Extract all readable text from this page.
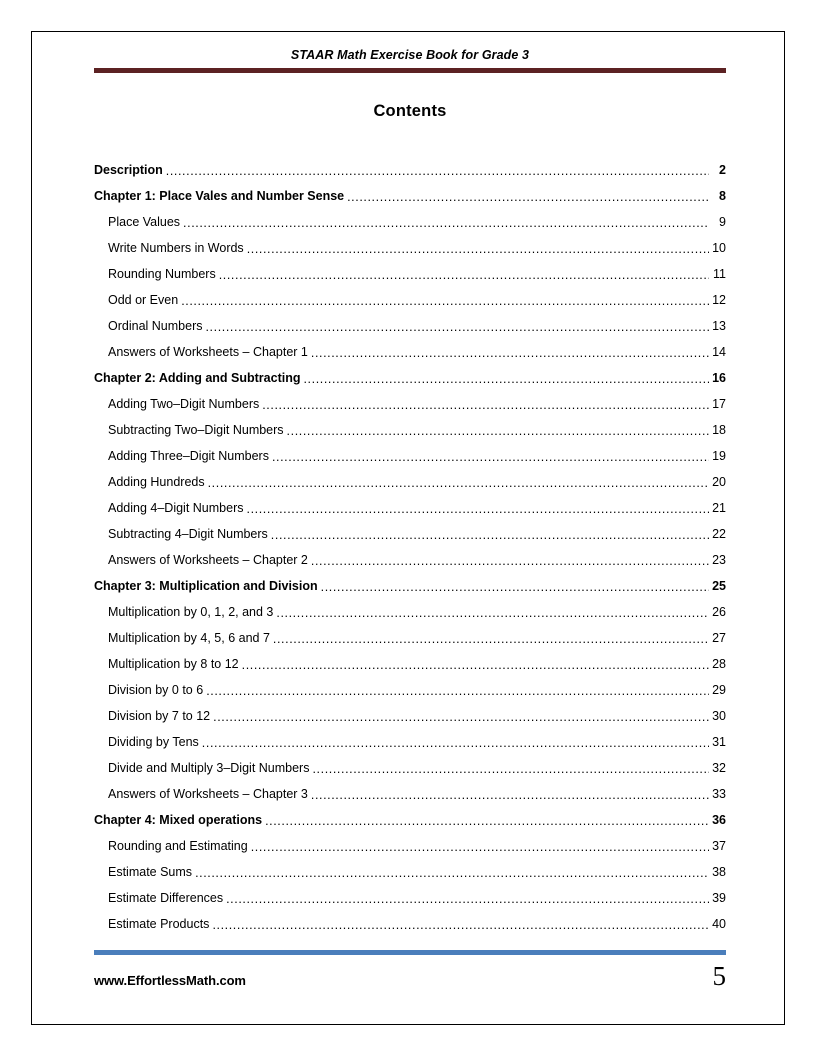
STAAR Math Exercise Book for Grade 3
Contents
Description .....	2
Chapter 1: Place Vales and Number Sense .....	8
Place Values .....	9
Write Numbers in Words .....	10
Rounding Numbers .....	11
Odd or Even .....	12
Ordinal Numbers .....	13
Answers of Worksheets – Chapter 1 .....	14
Chapter 2: Adding and Subtracting .....	16
Adding Two–Digit Numbers .....	17
Subtracting Two–Digit Numbers .....	18
Adding Three–Digit Numbers .....	19
Adding Hundreds .....	20
Adding 4–Digit Numbers .....	21
Subtracting 4–Digit Numbers .....	22
Answers of Worksheets – Chapter 2 .....	23
Chapter 3: Multiplication and Division .....	25
Multiplication by 0, 1, 2, and 3 .....	26
Multiplication by 4, 5, 6 and 7 .....	27
Multiplication by 8 to 12 .....	28
Division by 0 to 6 .....	29
Division by 7 to 12 .....	30
Dividing by Tens .....	31
Divide and Multiply 3–Digit Numbers .....	32
Answers of Worksheets – Chapter 3 .....	33
Chapter 4: Mixed operations .....	36
Rounding and Estimating .....	37
Estimate Sums .....	38
Estimate Differences .....	39
Estimate Products .....	40
www.EffortlessMath.com	5
